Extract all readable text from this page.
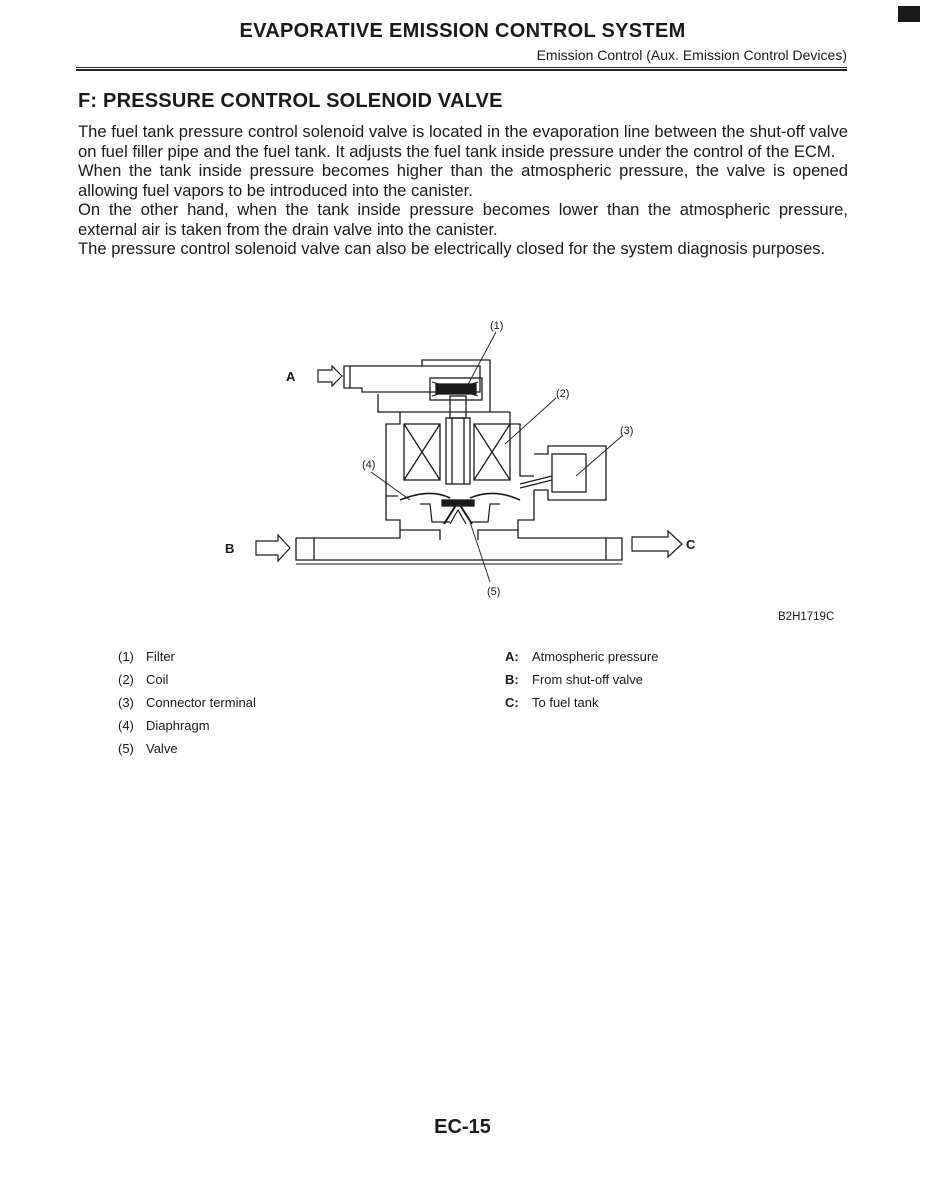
EVAPORATIVE EMISSION CONTROL SYSTEM
Emission Control (Aux. Emission Control Devices)
F: PRESSURE CONTROL SOLENOID VALVE

The fuel tank pressure control solenoid valve is located in the evaporation line between the shut-off valve on fuel filler pipe and the fuel tank. It adjusts the fuel tank inside pressure under the control of the ECM.

When the tank inside pressure becomes higher than the atmospheric pressure, the valve is opened allowing fuel vapors to be introduced into the canister.

On the other hand, when the tank inside pressure becomes lower than the atmospheric pressure, external air is taken from the drain valve into the canister.

The pressure control solenoid valve can also be electrically closed for the system diagnosis purposes.

(1)
(2)
(3)
(4)
(5)
A
B	C
B2H1719C
(1) Filter
(2) Coil
(3) Connector terminal
(4) Diaphragm
(5) Valve
A:	Atmospheric pressure
B:	From shut-off valve
C:	To fuel tank
EC-15
